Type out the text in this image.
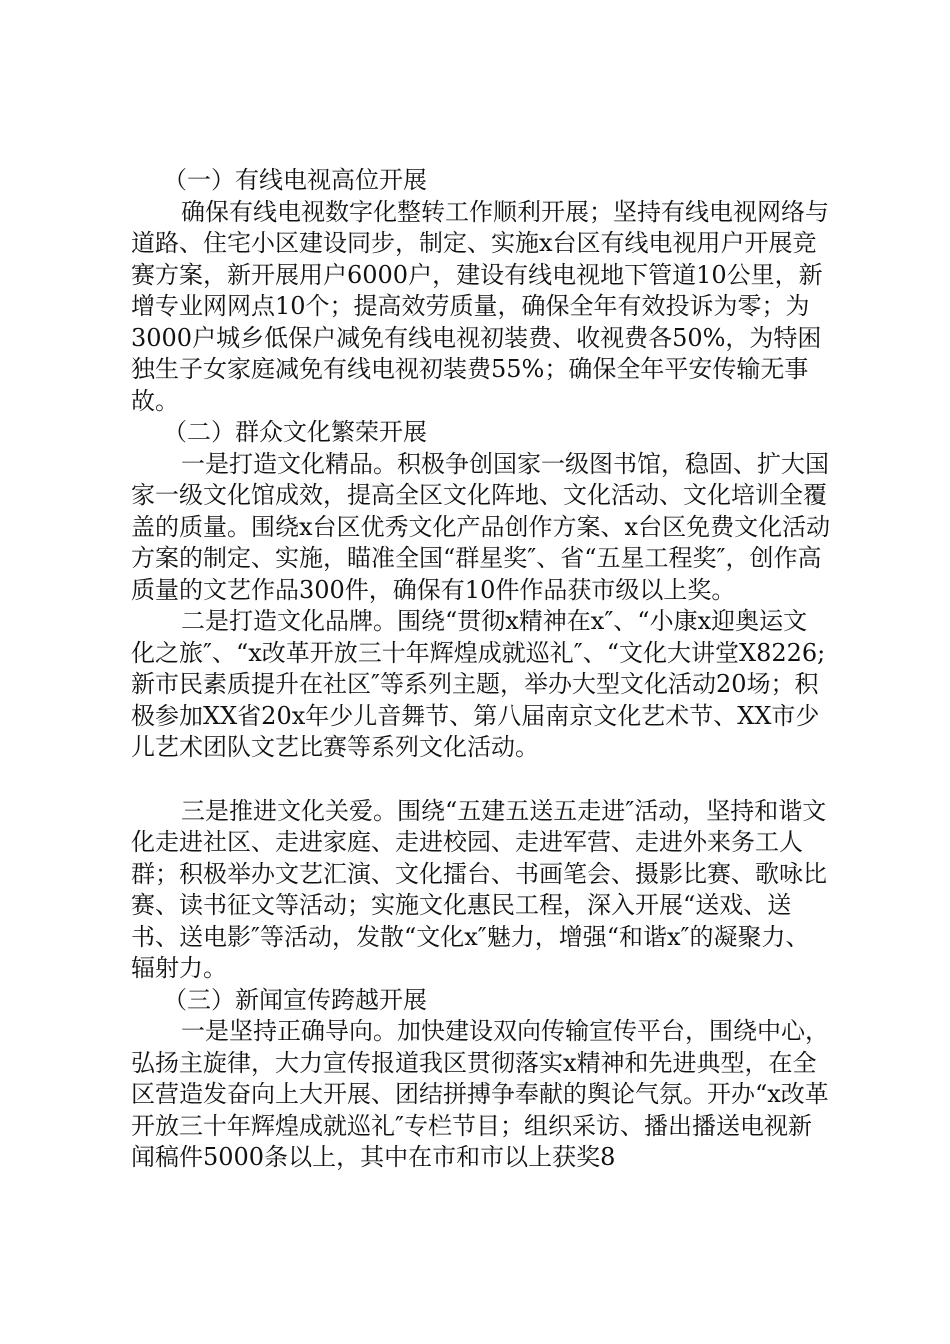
（一）有线电视高位开展

确保有线电视数字化整转工作顺利开展；坚持有线电视网络与道路、住宅小区建设同步，制定、实施x台区有线电视用户开展竞赛方案，新开展用户6000户，建设有线电视地下管道10公里，新增专业网网点10个；提高效劳质量，确保全年有效投诉为零；为3000户城乡低保户减免有线电视初装费、收视费各50%，为特困独生子女家庭减免有线电视初装费55%；确保全年平安传输无事故。

（二）群众文化繁荣开展

一是打造文化精品。积极争创国家一级图书馆，稳固、扩大国家一级文化馆成效，提高全区文化阵地、文化活动、文化培训全覆盖的质量。围绕x台区优秀文化产品创作方案、x台区免费文化活动方案的制定、实施，瞄准全国“群星奖″、省“五星工程奖″，创作高质量的文艺作品300件，确保有10件作品获市级以上奖。

二是打造文化品牌。围绕“贯彻x精神在x″、“小康x迎奥运文化之旅″、“x改革开放三十年辉煌成就巡礼″、“文化大讲堂X8226;新市民素质提升在社区″等系列主题，举办大型文化活动20场；积极参加XX省20x年少儿音舞节、第八届南京文化艺术节、XX市少儿艺术团队文艺比赛等系列文化活动。

三是推进文化关爱。围绕“五建五送五走进″活动，坚持和谐文化走进社区、走进家庭、走进校园、走进军营、走进外来务工人群；积极举办文艺汇演、文化擂台、书画笔会、摄影比赛、歌咏比赛、读书征文等活动；实施文化惠民工程，深入开展“送戏、送书、送电影″等活动，发散“文化x″魅力，增强“和谐x″的凝聚力、辐射力。

（三）新闻宣传跨越开展

一是坚持正确导向。加快建设双向传输宣传平台，围绕中心，弘扬主旋律，大力宣传报道我区贯彻落实x精神和先进典型，在全区营造发奋向上大开展、团结拼搏争奉献的舆论气氛。开办“x改革开放三十年辉煌成就巡礼″专栏节目；组织采访、播出播送电视新闻稿件5000条以上，其中在市和市以上获奖8
